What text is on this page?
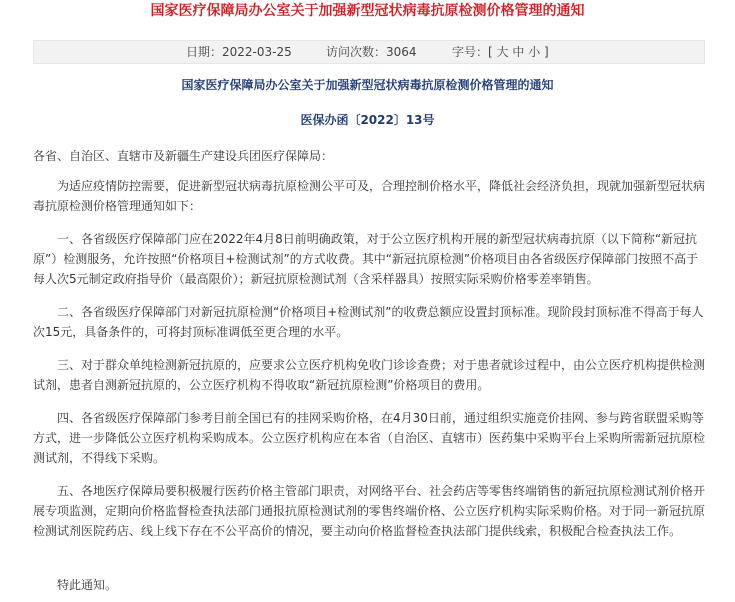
国家医疗保障局办公室关于加强新型冠状病毒抗原检测价格管理的通知
日期：2022-03-25	访问次数：3064	字号：[ 大 中 小 ]
国家医疗保障局办公室关于加强新型冠状病毒抗原检测价格管理的通知
医保办函〔2022〕13号

各省、自治区、直辖市及新疆生产建设兵团医疗保障局：

为适应疫情防控需要，促进新型冠状病毒抗原检测公平可及，合理控制价格水平，降低社会经济负担，现就加强新型冠状病毒抗原检测价格管理通知如下：

一、各省级医疗保障部门应在2022年4月8日前明确政策，对于公立医疗机构开展的新型冠状病毒抗原（以下简称“新冠抗原”）检测服务，允许按照“价格项目+检测试剂”的方式收费。其中“新冠抗原检测”价格项目由各省级医疗保障部门按照不高于每人次5元制定政府指导价（最高限价）；新冠抗原检测试剂（含采样器具）按照实际采购价格零差率销售。

二、各省级医疗保障部门对新冠抗原检测“价格项目+检测试剂”的收费总额应设置封顶标准。现阶段封顶标准不得高于每人次15元，具备条件的，可将封顶标准调低至更合理的水平。

三、对于群众单纯检测新冠抗原的，应要求公立医疗机构免收门诊诊查费；对于患者就诊过程中，由公立医疗机构提供检测试剂，患者自测新冠抗原的，公立医疗机构不得收取“新冠抗原检测”价格项目的费用。

四、各省级医疗保障部门参考目前全国已有的挂网采购价格，在4月30日前，通过组织实施竞价挂网、参与跨省联盟采购等方式，进一步降低公立医疗机构采购成本。公立医疗机构应在本省（自治区、直辖市）医药集中采购平台上采购所需新冠抗原检测试剂，不得线下采购。

五、各地医疗保障局要积极履行医药价格主管部门职责，对网络平台、社会药店等零售终端销售的新冠抗原检测试剂价格开展专项监测，定期向价格监督检查执法部门通报抗原检测试剂的零售终端价格、公立医疗机构实际采购价格。对于同一新冠抗原检测试剂医院药店、线上线下存在不公平高价的情况，要主动向价格监督检查执法部门提供线索，积极配合检查执法工作。

特此通知。
